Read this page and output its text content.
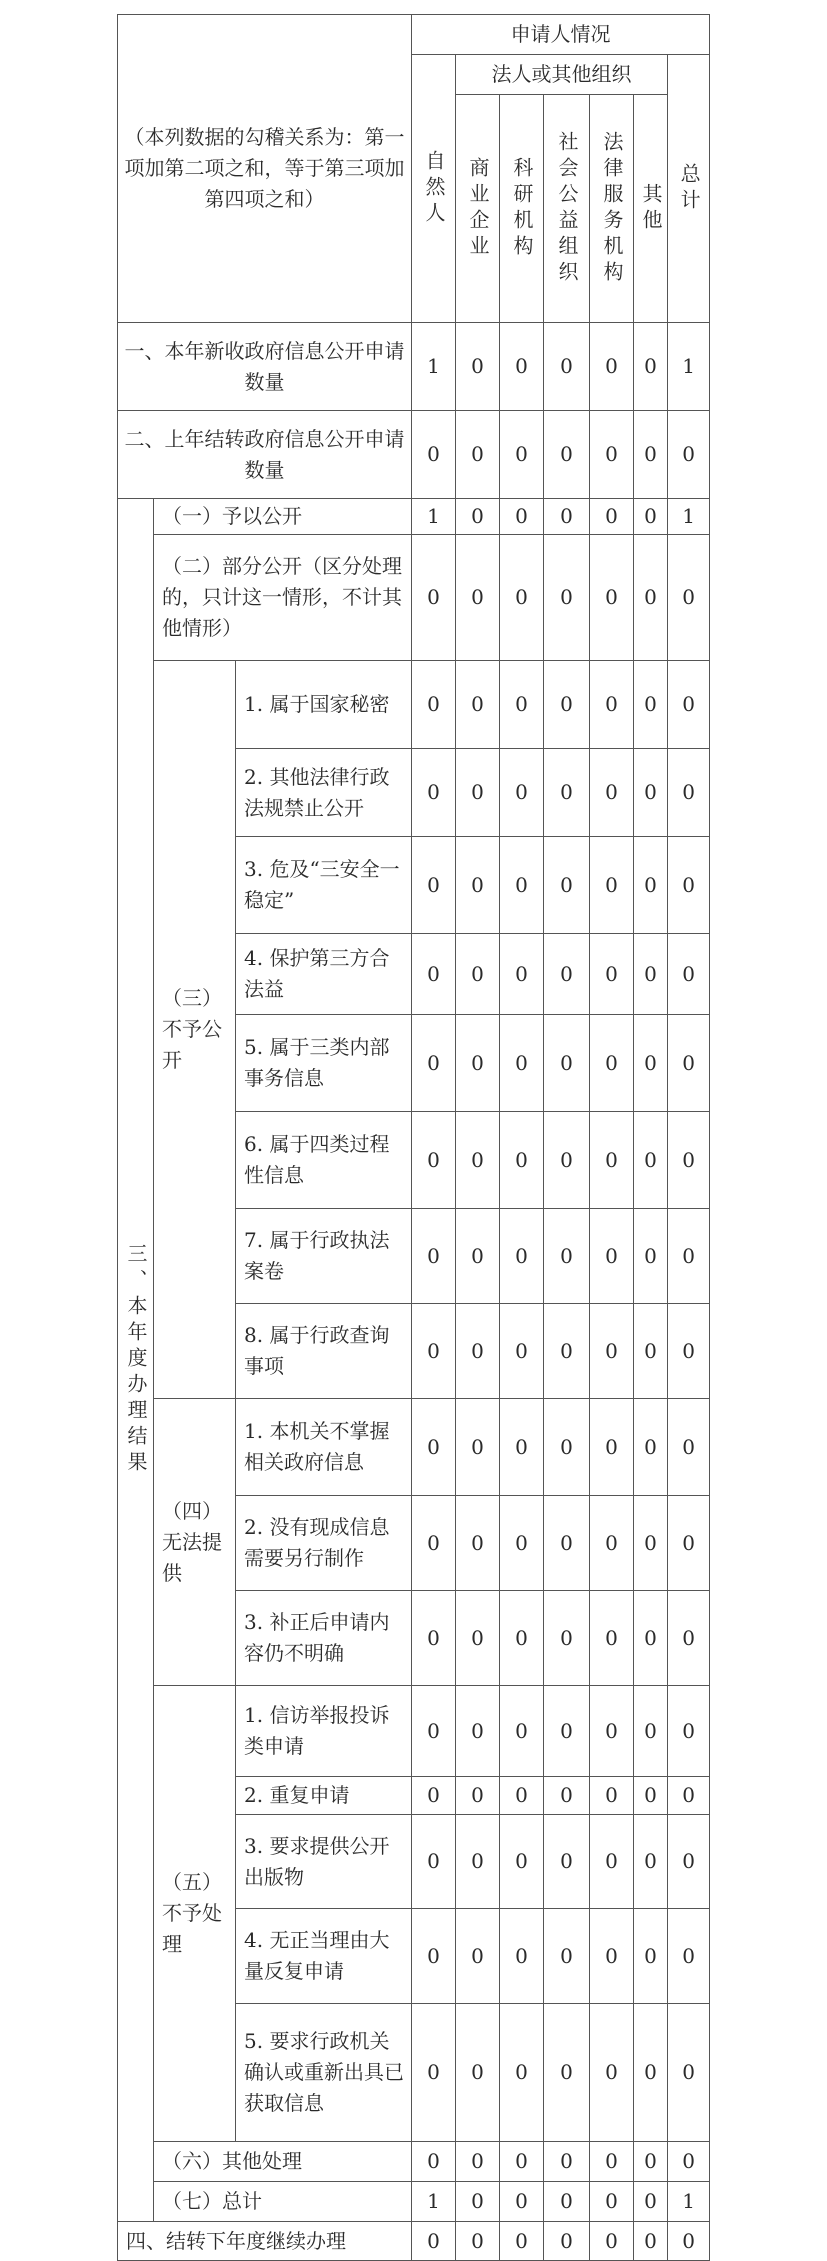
（本列数据的勾稽关系为：第一项加第二项之和，等于第三项加第四项之和）			申请人情况						
			自然人	法人或其他组织					总计
				商业企业	科研机构	社会公益组织	法律服务机构	其他	
一、本年新收政府信息公开申请数量			1	0	0	0	0	0	1
二、上年结转政府信息公开申请数量			0	0	0	0	0	0	0
三、本年度办理结果	（一）予以公开		1	0	0	0	0	0	1
	（二）部分公开（区分处理的，只计这一情形，不计其他情形）		0	0	0	0	0	0	0
	（三）不予公开	1. 属于国家秘密	0	0	0	0	0	0	0
		2. 其他法律行政法规禁止公开	0	0	0	0	0	0	0
		3. 危及“三安全一稳定”	0	0	0	0	0	0	0
		4. 保护第三方合法益	0	0	0	0	0	0	0
		5. 属于三类内部事务信息	0	0	0	0	0	0	0
		6. 属于四类过程性信息	0	0	0	0	0	0	0
		7. 属于行政执法案卷	0	0	0	0	0	0	0
		8. 属于行政查询事项	0	0	0	0	0	0	0
	（四）无法提供	1. 本机关不掌握相关政府信息	0	0	0	0	0	0	0
		2. 没有现成信息需要另行制作	0	0	0	0	0	0	0
		3. 补正后申请内容仍不明确	0	0	0	0	0	0	0
	（五）不予处理	1. 信访举报投诉类申请	0	0	0	0	0	0	0
		2. 重复申请	0	0	0	0	0	0	0
		3. 要求提供公开出版物	0	0	0	0	0	0	0
		4. 无正当理由大量反复申请	0	0	0	0	0	0	0
		5. 要求行政机关确认或重新出具已获取信息	0	0	0	0	0	0	0
	（六）其他处理		0	0	0	0	0	0	0
	（七）总计		1	0	0	0	0	0	1
四、结转下年度继续办理			0	0	0	0	0	0	0
